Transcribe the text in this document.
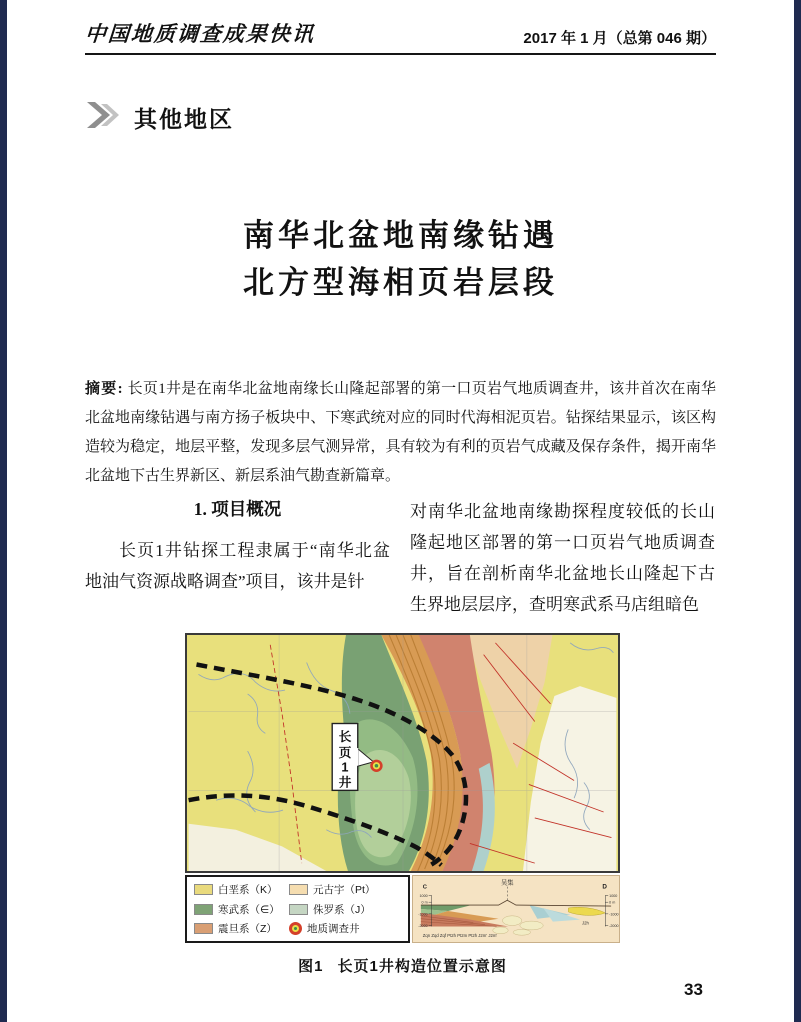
中国地质调查成果快讯	2017 年 1 月（总第 046 期）
其他地区
南华北盆地南缘钻遇
北方型海相页岩层段

摘要: 长页1井是在南华北盆地南缘长山隆起部署的第一口页岩气地质调查井，该井首次在南华北盆地南缘钻遇与南方扬子板块中、下寒武统对应的同时代海相泥页岩。钻探结果显示，该区构造较为稳定，地层平整，发现多层气测异常，具有较为有利的页岩气成藏及保存条件，揭开南华北盆地下古生界新区、新层系油气勘查新篇章。

1. 项目概况

长页1井钻探工程隶属于“南华北盆地油气资源战略调查”项目，该井是针

对南华北盆地南缘勘探程度较低的长山隆起地区部署的第一口页岩气地质调查井，旨在剖析南华北盆地长山隆起下古生界地层层序，查明寒武系马店组暗色

长
页
1
井
白垩系（K）	元古宇（Pt）
寒武系（∈）	侏罗系（J）
震旦系（Z）	地质调查井
吴集
C
1000
0 m
-1000
-2000
D
1000
0 m
-1000
-2000
Zqn Zqd Zqf Pt2h Pt2m Pt2h J2m' J2m'
J2h
图1 长页1井构造位置示意图
33
